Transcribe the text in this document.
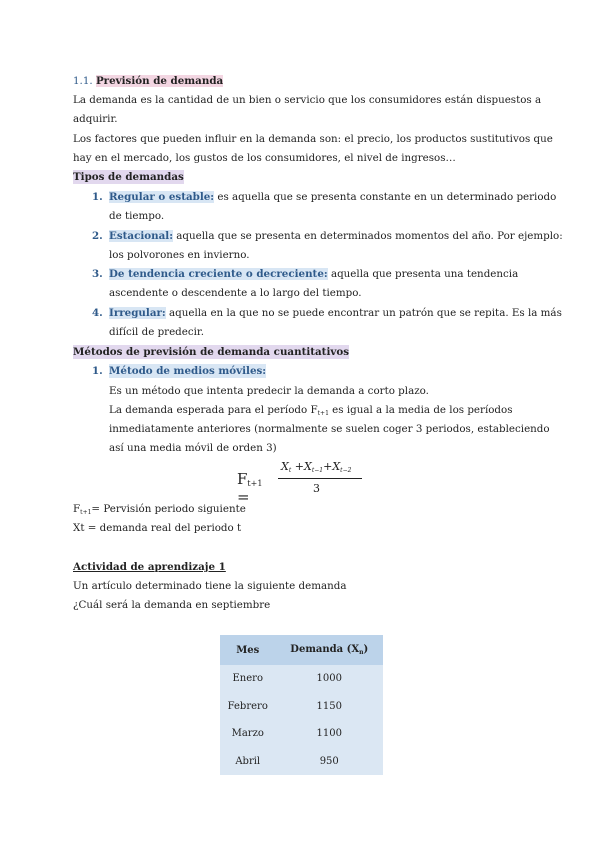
1.1. Previsión de demanda
La demanda es la cantidad de un bien o servicio que los consumidores están dispuestos a
adquirir.
Los factores que pueden influir en la demanda son: el precio, los productos sustitutivos que
hay en el mercado, los gustos de los consumidores, el nivel de ingresos…
Tipos de demandas
1. Regular o estable: es aquella que se presenta constante en un determinado periodo
de tiempo.
2. Estacional: aquella que se presenta en determinados momentos del año. Por ejemplo:
los polvorones en invierno.
3. De tendencia creciente o decreciente: aquella que presenta una tendencia
ascendente o descendente a lo largo del tiempo.
4. Irregular: aquella en la que no se puede encontrar un patrón que se repita. Es la más
difícil de predecir.
Métodos de previsión de demanda cuantitativos
1. Método de medios móviles:
Es un método que intenta predecir la demanda a corto plazo.
La demanda esperada para el período $F_{t+1}$ es igual a la media de los períodos
inmediatamente anteriores (normalmente se suelen coger 3 periodos, estableciendo
así una media móvil de orden 3)
$F_{t+1}$ =
$X_t +X_{t-1}+X_{t-2}$
3
$F_{t+1}=$ Pervisión periodo siguiente
Xt = demanda real del periodo t
Actividad de aprendizaje 1
Un artículo determinado tiene la siguiente demanda
¿Cuál será la demanda en septiembre
Mes	Demanda $(X_n)$
Enero	1000
Febrero	1150
Marzo	1100
Abril	950
